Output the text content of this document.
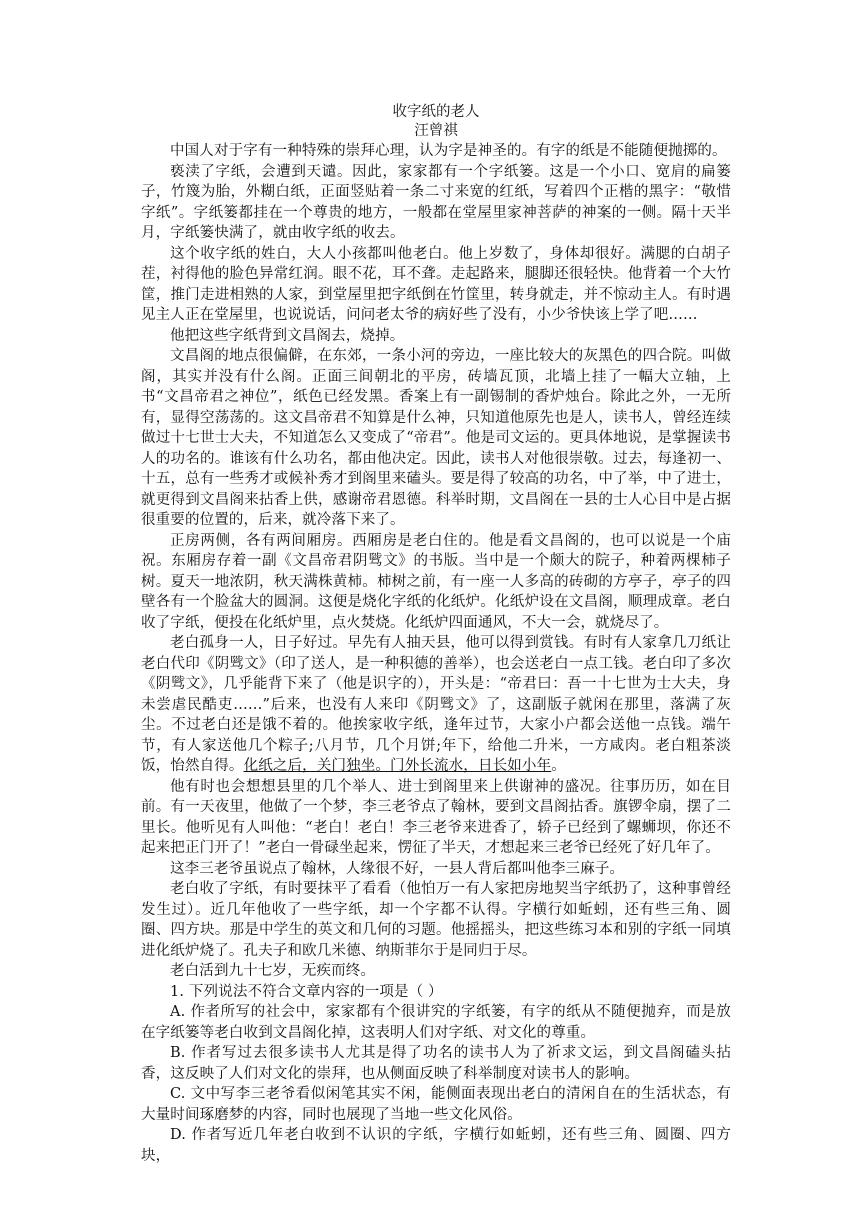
收字纸的老人
汪曾祺

中国人对于字有一种特殊的崇拜心理，认为字是神圣的。有字的纸是不能随便抛掷的。

亵渎了字纸，会遭到天谴。因此，家家都有一个字纸篓。这是一个小口、宽肩的扁篓子，竹篾为胎，外糊白纸，正面竖贴着一条二寸来宽的红纸，写着四个正楷的黑字：“敬惜字纸”。字纸篓都挂在一个尊贵的地方，一般都在堂屋里家神菩萨的神案的一侧。隔十天半月，字纸篓快满了，就由收字纸的收去。

这个收字纸的姓白，大人小孩都叫他老白。他上岁数了，身体却很好。满腮的白胡子茬，衬得他的脸色异常红润。眼不花，耳不聋。走起路来，腿脚还很轻快。他背着一个大竹筐，推门走进相熟的人家，到堂屋里把字纸倒在竹筐里，转身就走，并不惊动主人。有时遇见主人正在堂屋里，也说说话，问问老太爷的病好些了没有，小少爷快该上学了吧……

他把这些字纸背到文昌阁去，烧掉。

文昌阁的地点很偏僻，在东郊，一条小河的旁边，一座比较大的灰黑色的四合院。叫做阁，其实并没有什么阁。正面三间朝北的平房，砖墙瓦顶，北墙上挂了一幅大立轴，上书“文昌帝君之神位”，纸色已经发黑。香案上有一副锡制的香炉烛台。除此之外，一无所有，显得空荡荡的。这文昌帝君不知算是什么神，只知道他原先也是人，读书人，曾经连续做过十七世士大夫，不知道怎么又变成了“帝君”。他是司文运的。更具体地说，是掌握读书人的功名的。谁该有什么功名，都由他决定。因此，读书人对他很崇敬。过去，每逢初一、十五，总有一些秀才或候补秀才到阁里来磕头。要是得了较高的功名，中了举，中了进士，就更得到文昌阁来拈香上供，感谢帝君恩德。科举时期，文昌阁在一县的士人心目中是占据很重要的位置的，后来，就冷落下来了。

正房两侧，各有两间厢房。西厢房是老白住的。他是看文昌阁的，也可以说是一个庙祝。东厢房存着一副《文昌帝君阴骘文》的书版。当中是一个颇大的院子，种着两棵柿子树。夏天一地浓阴，秋天满株黄柿。柿树之前，有一座一人多高的砖砌的方亭子，亭子的四壁各有一个脸盆大的圆洞。这便是烧化字纸的化纸炉。化纸炉设在文昌阁，顺理成章。老白收了字纸，便投在化纸炉里，点火焚烧。化纸炉四面通风，不大一会，就烧尽了。

老白孤身一人，日子好过。早先有人抽天县，他可以得到赏钱。有时有人家拿几刀纸让老白代印《阴骘文》（印了送人，是一种积德的善举），也会送老白一点工钱。老白印了多次《阴骘文》，几乎能背下来了（他是识字的），开头是：“帝君曰：吾一十七世为士大夫，身未尝虐民酷吏……”后来，也没有人来印《阴骘文》了，这副版子就闲在那里，落满了灰尘。不过老白还是饿不着的。他挨家收字纸，逢年过节，大家小户都会送他一点钱。端午节，有人家送他几个粽子;八月节，几个月饼;年下，给他二升米，一方咸肉。老白粗茶淡饭，怡然自得。化纸之后，关门独坐。门外长流水，日长如小年。

他有时也会想想县里的几个举人、进士到阁里来上供谢神的盛况。往事历历，如在目前。有一天夜里，他做了一个梦，李三老爷点了翰林，要到文昌阁拈香。旗锣伞扇，摆了二里长。他听见有人叫他：“老白！老白！李三老爷来进香了，轿子已经到了螺蛳坝，你还不起来把正门开了！”老白一骨碌坐起来，愣征了半天，才想起来三老爷已经死了好几年了。

这李三老爷虽说点了翰林，人缘很不好，一县人背后都叫他李三麻子。

老白收了字纸，有时要抹平了看看（他怕万一有人家把房地契当字纸扔了，这种事曾经发生过）。近几年他收了一些字纸，却一个字都不认得。字横行如蚯蚓，还有些三角、圆圈、四方块。那是中学生的英文和几何的习题。他摇摇头，把这些练习本和别的字纸一同填进化纸炉烧了。孔夫子和欧几米德、纳斯菲尔于是同归于尽。

老白活到九十七岁，无疾而终。

1. 下列说法不符合文章内容的一项是（ ）

A. 作者所写的社会中，家家都有个很讲究的字纸篓，有字的纸从不随便抛弃，而是放在字纸篓等老白收到文昌阁化掉，这表明人们对字纸、对文化的尊重。

B. 作者写过去很多读书人尤其是得了功名的读书人为了祈求文运，到文昌阁磕头拈香，这反映了人们对文化的崇拜，也从侧面反映了科举制度对读书人的影响。

C. 文中写李三老爷看似闲笔其实不闲，能侧面表现出老白的清闲自在的生活状态，有大量时间琢磨梦的内容，同时也展现了当地一些文化风俗。

D. 作者写近几年老白收到不认识的字纸，字横行如蚯蚓，还有些三角、圆圈、四方块，
